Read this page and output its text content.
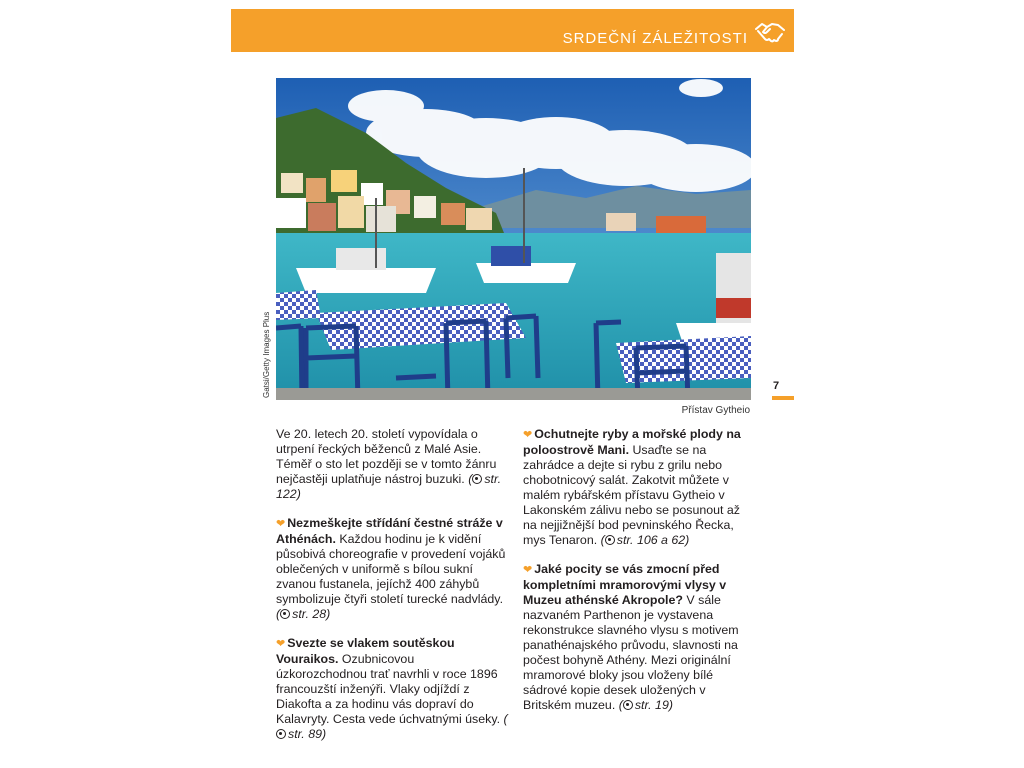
SRDEČNÍ ZÁLEŽITOSTI
Gatsi/Getty Images Plus
Přístav Gytheio
7

Ve 20. letech 20. století vypovídala o utrpení řeckých běženců z Malé Asie. Téměř o sto let později se v tomto žánru nejčastěji uplatňuje nástroj buzuki. ( str. 122)

❤ Nezmeškejte střídání čestné stráže v Athénách. Každou hodinu je k vidění působivá choreografie v provedení vojáků oblečených v uniformě s bílou sukní zvanou fustanela, jejíchž 400 záhybů symbolizuje čtyři století turecké nadvlády. ( str. 28)

❤ Svezte se vlakem soutěskou Vouraikos. Ozubnicovou úzkorozchodnou trať navrhli v roce 1896 francouzští inženýři. Vlaky odjíždí z Diakofta a za hodinu vás dopraví do Kalavryty. Cesta vede úchvatnými úseky. (str. 89)

❤ Ochutnejte ryby a mořské plody na poloostrově Mani. Usaďte se na zahrádce a dejte si rybu z grilu nebo chobotnicový salát. Zakotvit můžete v malém rybářském přístavu Gytheio v Lakonském zálivu nebo se posunout až na nejjižnější bod pevninského Řecka, mys Tenaron. ( str. 106 a 62)

❤ Jaké pocity se vás zmocní před kompletními mramorovými vlysy v Muzeu athénské Akropole? V sále nazvaném Parthenon je vystavena rekonstrukce slavného vlysu s motivem panathénajského průvodu, slavnosti na počest bohyně Athény. Mezi originální mramorové bloky jsou vloženy bílé sádrové kopie desek uložených v Britském muzeu. ( str. 19)
